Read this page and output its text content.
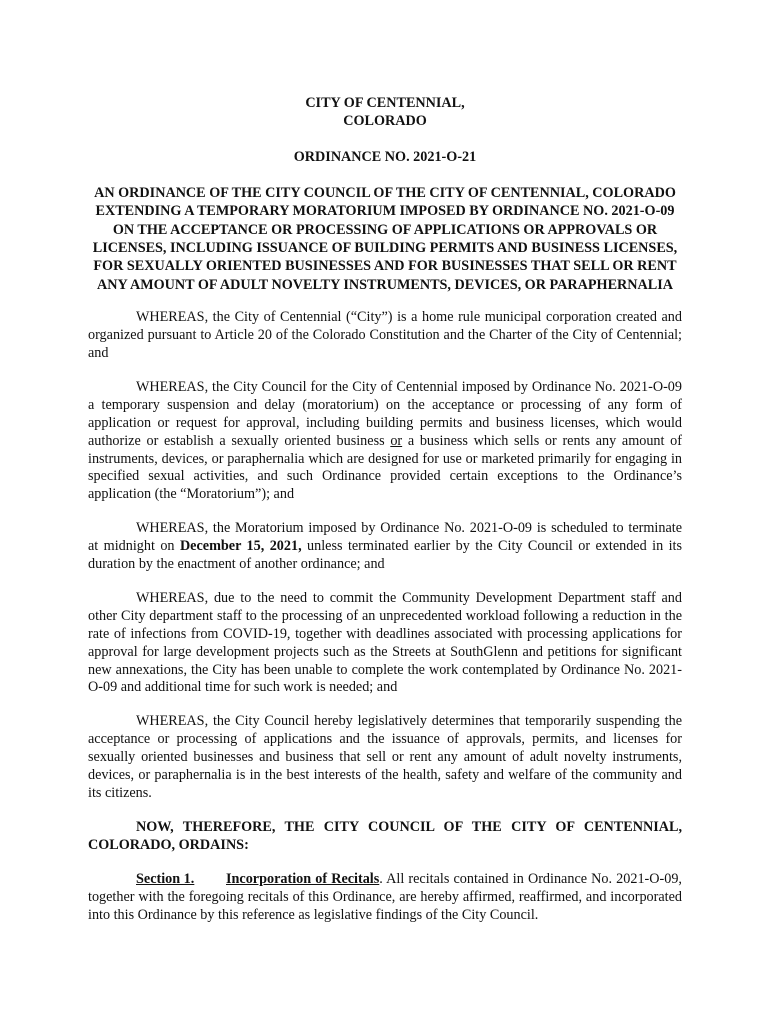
CITY OF CENTENNIAL,
COLORADO
ORDINANCE NO. 2021-O-21
AN ORDINANCE OF THE CITY COUNCIL OF THE CITY OF CENTENNIAL, COLORADO EXTENDING A TEMPORARY MORATORIUM IMPOSED BY ORDINANCE NO. 2021-O-09 ON THE ACCEPTANCE OR PROCESSING OF APPLICATIONS OR APPROVALS OR LICENSES, INCLUDING ISSUANCE OF BUILDING PERMITS AND BUSINESS LICENSES, FOR SEXUALLY ORIENTED BUSINESSES AND FOR BUSINESSES THAT SELL OR RENT ANY AMOUNT OF ADULT NOVELTY INSTRUMENTS, DEVICES, OR PARAPHERNALIA

WHEREAS, the City of Centennial (“City”) is a home rule municipal corporation created and organized pursuant to Article 20 of the Colorado Constitution and the Charter of the City of Centennial; and

WHEREAS, the City Council for the City of Centennial imposed by Ordinance No. 2021-O-09 a temporary suspension and delay (moratorium) on the acceptance or processing of any form of application or request for approval, including building permits and business licenses, which would authorize or establish a sexually oriented business or a business which sells or rents any amount of instruments, devices, or paraphernalia which are designed for use or marketed primarily for engaging in specified sexual activities, and such Ordinance provided certain exceptions to the Ordinance’s application (the “Moratorium”); and

WHEREAS, the Moratorium imposed by Ordinance No. 2021-O-09 is scheduled to terminate at midnight on December 15, 2021, unless terminated earlier by the City Council or extended in its duration by the enactment of another ordinance; and

WHEREAS, due to the need to commit the Community Development Department staff and other City department staff to the processing of an unprecedented workload following a reduction in the rate of infections from COVID-19, together with deadlines associated with processing applications for approval for large development projects such as the Streets at SouthGlenn and petitions for significant new annexations, the City has been unable to complete the work contemplated by Ordinance No. 2021-O-09 and additional time for such work is needed; and

WHEREAS, the City Council hereby legislatively determines that temporarily suspending the acceptance or processing of applications and the issuance of approvals, permits, and licenses for sexually oriented businesses and business that sell or rent any amount of adult novelty instruments, devices, or paraphernalia is in the best interests of the health, safety and welfare of the community and its citizens.

NOW, THEREFORE, THE CITY COUNCIL OF THE CITY OF CENTENNIAL, COLORADO, ORDAINS:

Section 1. Incorporation of Recitals. All recitals contained in Ordinance No. 2021-O-09, together with the foregoing recitals of this Ordinance, are hereby affirmed, reaffirmed, and incorporated into this Ordinance by this reference as legislative findings of the City Council.
